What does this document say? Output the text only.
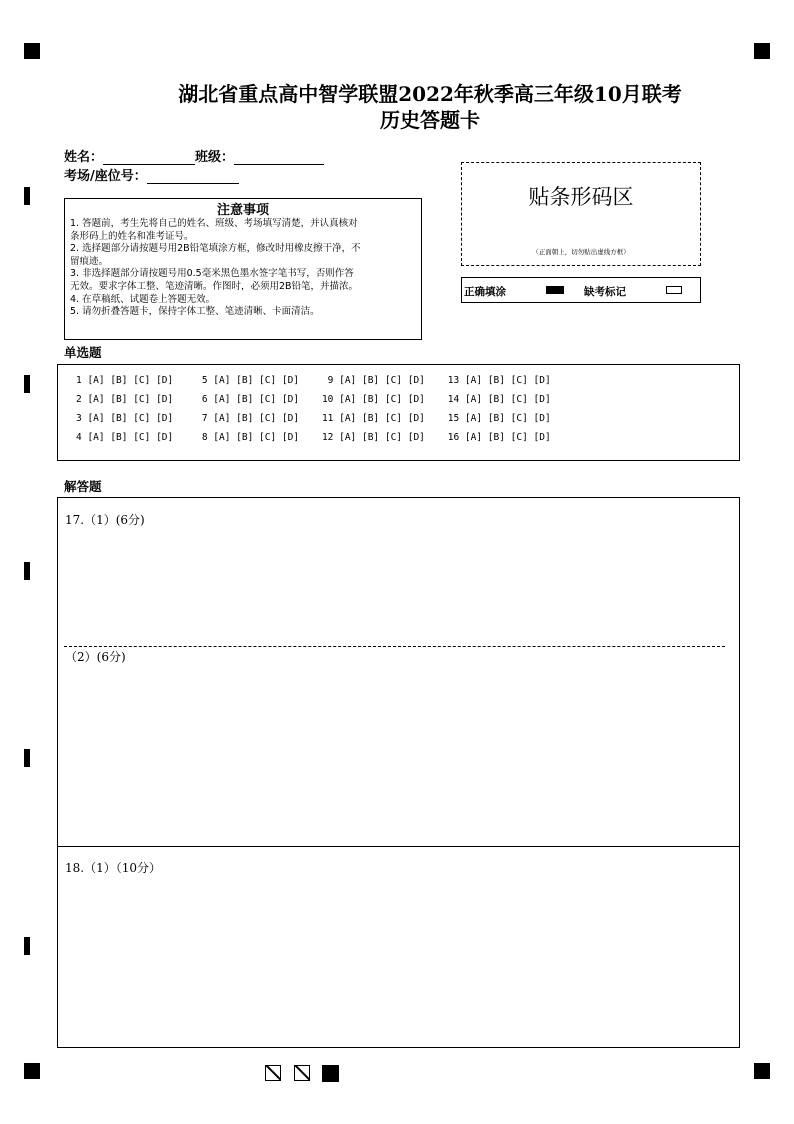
湖北省重点高中智学联盟2022年秋季高三年级10月联考
历史答题卡
姓名：	班级：
考场/座位号：
注意事项
1. 答题前，考生先将自己的姓名、班级、考场填写清楚，并认真核对
条形码上的姓名和准考证号。
2. 选择题部分请按题号用2B铅笔填涂方框，修改时用橡皮擦干净，不
留痕迹。
3. 非选择题部分请按题号用0.5毫米黑色墨水签字笔书写，否则作答
无效。要求字体工整、笔迹清晰。作图时，必须用2B铅笔，并描浓。
4. 在草稿纸、试题卷上答题无效。
5. 请勿折叠答题卡，保持字体工整、笔迹清晰、卡面清洁。
贴条形码区
（正面朝上，切勿贴出虚线方框）
正确填涂	缺考标记
单选题
1 [A] [B] [C] [D]     5 [A] [B] [C] [D]     9 [A] [B] [C] [D]    13 [A] [B] [C] [D]
2 [A] [B] [C] [D]     6 [A] [B] [C] [D]    10 [A] [B] [C] [D]    14 [A] [B] [C] [D]
3 [A] [B] [C] [D]     7 [A] [B] [C] [D]    11 [A] [B] [C] [D]    15 [A] [B] [C] [D]
4 [A] [B] [C] [D]     8 [A] [B] [C] [D]    12 [A] [B] [C] [D]    16 [A] [B] [C] [D]
解答题
17.（1）(6分)
（2）(6分)
18.（1）（10分）
